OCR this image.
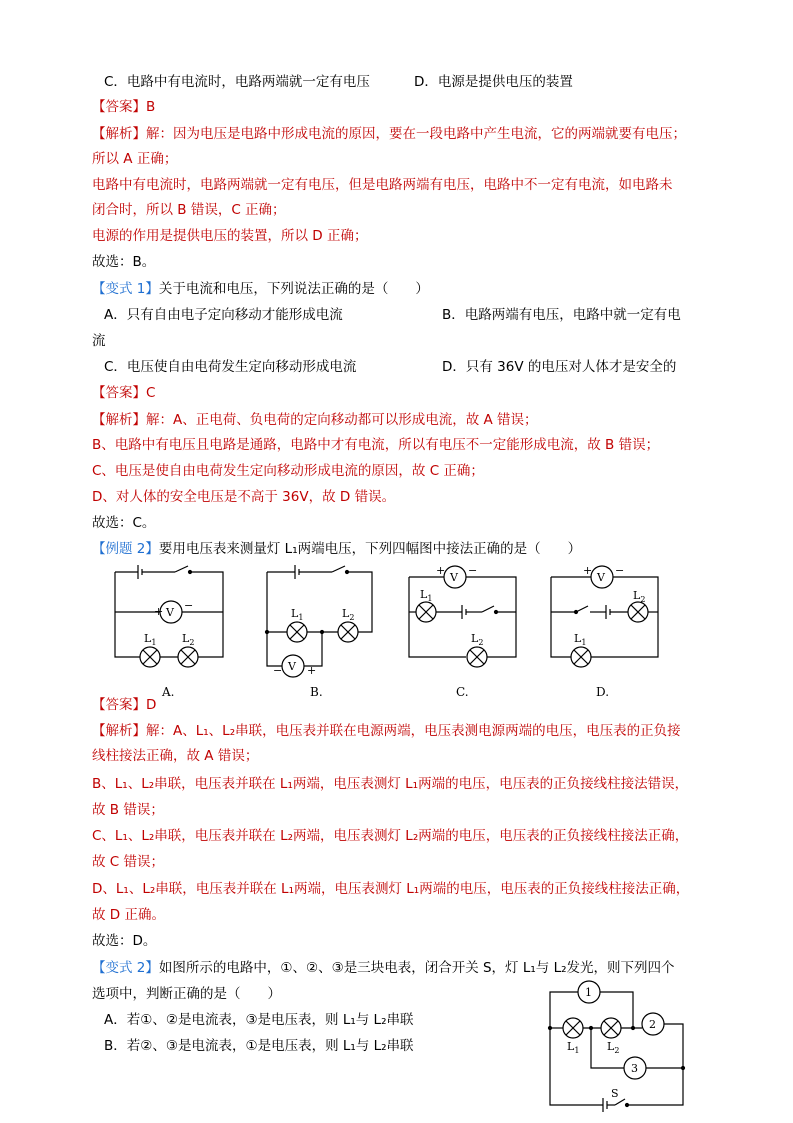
C．电路中有电流时，电路两端就一定有电压	D．电源是提供电压的装置
【答案】B
【解析】解：因为电压是电路中形成电流的原因，要在一段电路中产生电流，它的两端就要有电压；
所以 A 正确；
电路中有电流时，电路两端就一定有电压，但是电路两端有电压，电路中不一定有电流，如电路未
闭合时，所以 B 错误，C 正确；
电源的作用是提供电压的装置，所以 D 正确；
故选：B。
【变式 1】关于电流和电压，下列说法正确的是（　　）
A．只有自由电子定向移动才能形成电流	B．电路两端有电压，电路中就一定有电
流
C．电压使自由电荷发生定向移动形成电流	D．只有 36V 的电压对人体才是安全的
【答案】C
【解析】解：A、正电荷、负电荷的定向移动都可以形成电流，故 A 错误；
B、电路中有电压且电路是通路，电路中才有电流，所以有电压不一定能形成电流，故 B 错误；
C、电压是使自由电荷发生定向移动形成电流的原因，故 C 正确；
D、对人体的安全电压是不高于 36V，故 D 错误。
故选：C。
【例题 2】要用电压表来测量灯 L₁两端电压，下列四幅图中接法正确的是（　　）
V
+ −
$L_1$ $L_2$
A.
V
− +
$L_1$	$L_2$
B.
V
+ −
$L_1$
$L_2$
C.
V
+ −
$L_1$
$L_2$
D.
【答案】D
【解析】解：A、L₁、L₂串联，电压表并联在电源两端，电压表测电源两端的电压，电压表的正负接
线柱接法正确，故 A 错误；
B、L₁、L₂串联，电压表并联在 L₁两端，电压表测灯 L₁两端的电压，电压表的正负接线柱接法错误，
故 B 错误；
C、L₁、L₂串联，电压表并联在 L₂两端，电压表测灯 L₂两端的电压，电压表的正负接线柱接法正确，
故 C 错误；
D、L₁、L₂串联，电压表并联在 L₁两端，电压表测灯 L₁两端的电压，电压表的正负接线柱接法正确，
故 D 正确。
故选：D。
【变式 2】如图所示的电路中，①、②、③是三块电表，闭合开关 S，灯 L₁与 L₂发光，则下列四个
选项中，判断正确的是（　　）
A．若①、②是电流表，③是电压表，则 L₁与 L₂串联
B．若②、③是电流表，①是电压表，则 L₁与 L₂串联
1
2
3
$L_1$	$L_2$
S
